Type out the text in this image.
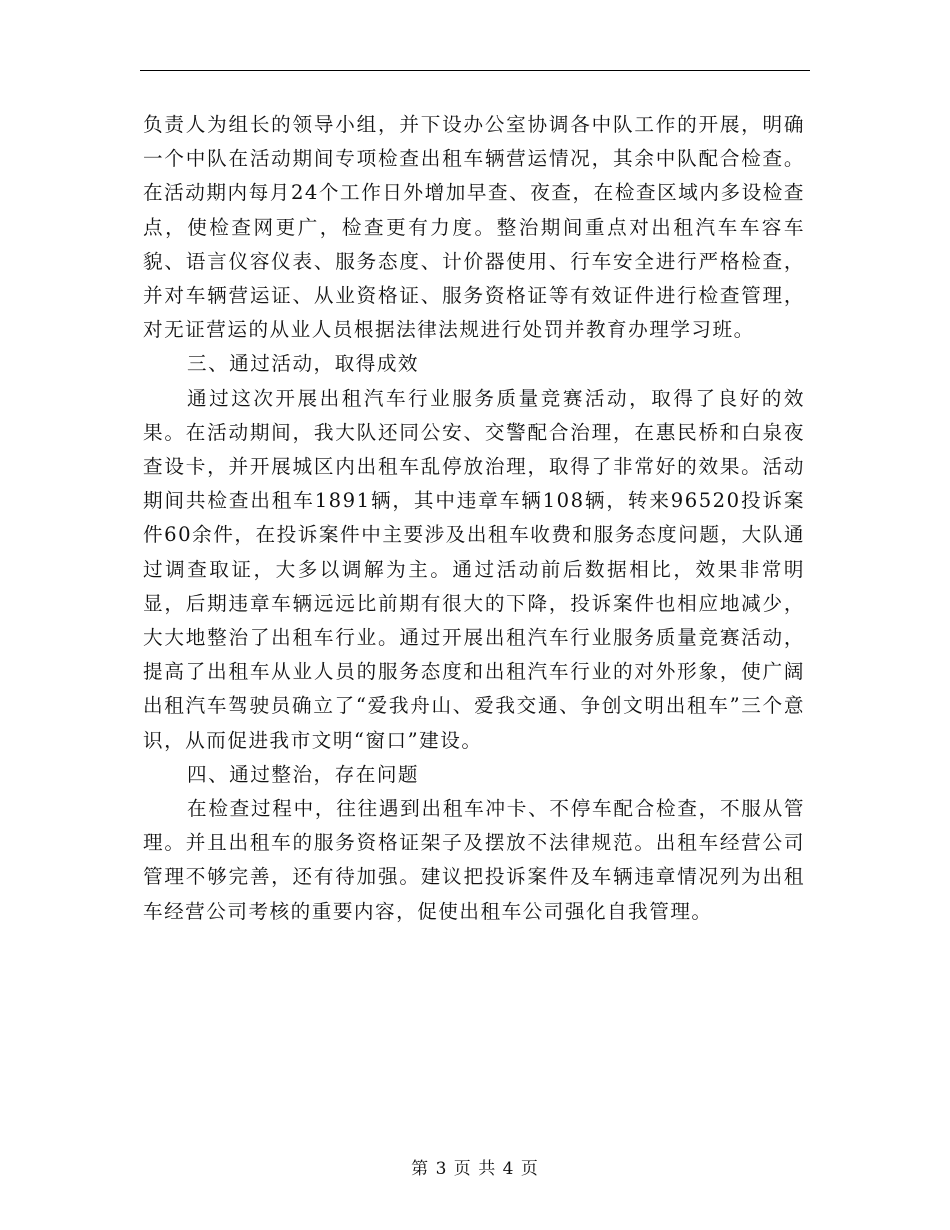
负责人为组长的领导小组，并下设办公室协调各中队工作的开展，明确一个中队在活动期间专项检查出租车辆营运情况，其余中队配合检查。在活动期内每月24个工作日外增加早查、夜查，在检查区域内多设检查点，使检查网更广，检查更有力度。整治期间重点对出租汽车车容车貌、语言仪容仪表、服务态度、计价器使用、行车安全进行严格检查，并对车辆营运证、从业资格证、服务资格证等有效证件进行检查管理，对无证营运的从业人员根据法律法规进行处罚并教育办理学习班。

三、通过活动，取得成效

通过这次开展出租汽车行业服务质量竞赛活动，取得了良好的效果。在活动期间，我大队还同公安、交警配合治理，在惠民桥和白泉夜查设卡，并开展城区内出租车乱停放治理，取得了非常好的效果。活动期间共检查出租车1891辆，其中违章车辆108辆，转来96520投诉案件60余件，在投诉案件中主要涉及出租车收费和服务态度问题，大队通过调查取证，大多以调解为主。通过活动前后数据相比，效果非常明显，后期违章车辆远远比前期有很大的下降，投诉案件也相应地减少，大大地整治了出租车行业。通过开展出租汽车行业服务质量竞赛活动，提高了出租车从业人员的服务态度和出租汽车行业的对外形象，使广阔出租汽车驾驶员确立了“爱我舟山、爱我交通、争创文明出租车”三个意识，从而促进我市文明“窗口”建设。

四、通过整治，存在问题

在检查过程中，往往遇到出租车冲卡、不停车配合检查，不服从管理。并且出租车的服务资格证架子及摆放不法律规范。出租车经营公司管理不够完善，还有待加强。建议把投诉案件及车辆违章情况列为出租车经营公司考核的重要内容，促使出租车公司强化自我管理。

第 3 页 共 4 页
